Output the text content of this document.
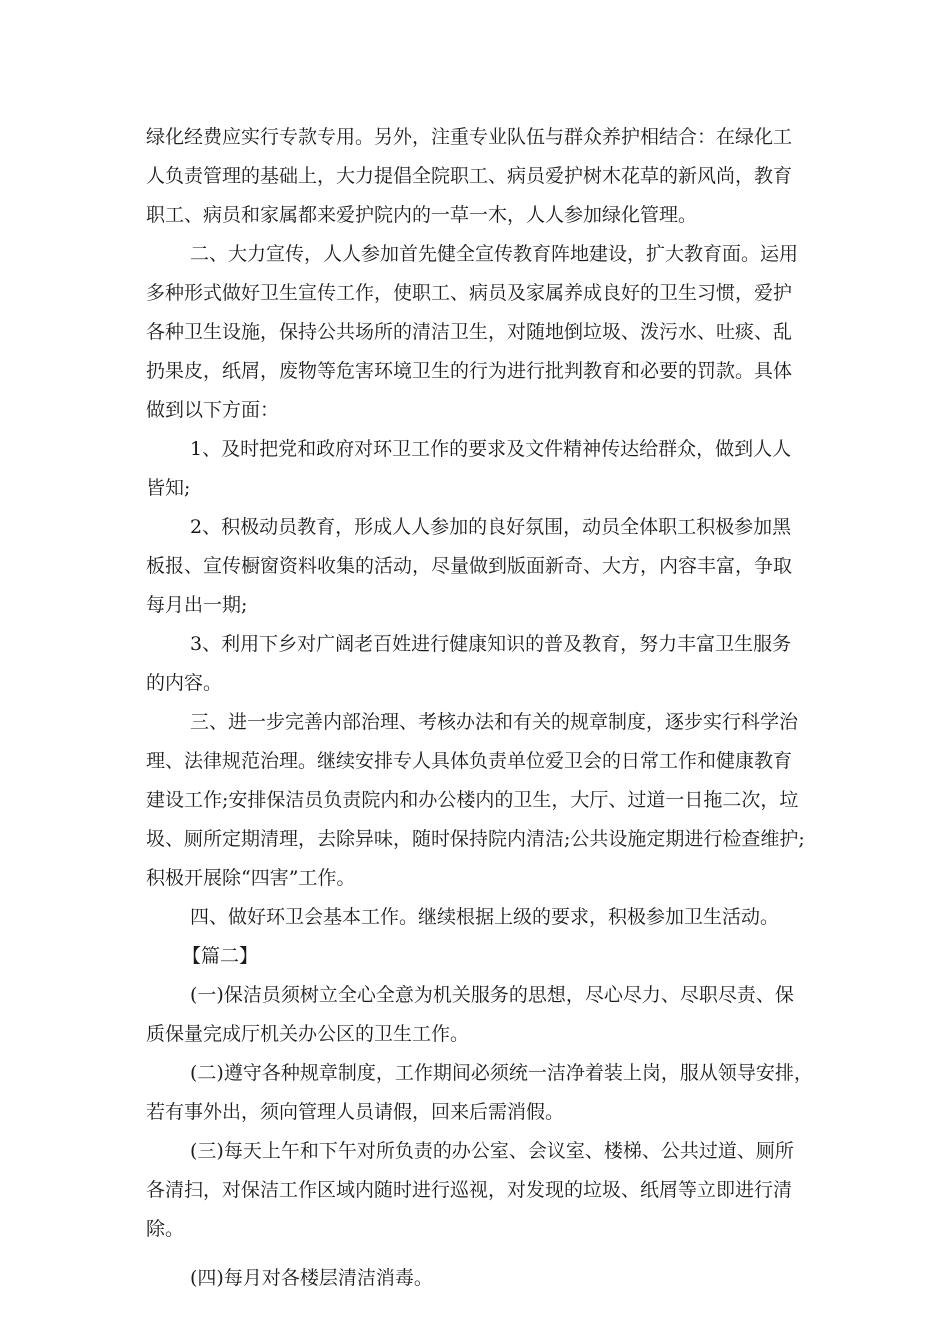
绿化经费应实行专款专用。另外，注重专业队伍与群众养护相结合：在绿化工

人负责管理的基础上，大力提倡全院职工、病员爱护树木花草的新风尚，教育

职工、病员和家属都来爱护院内的一草一木，人人参加绿化管理。

二、大力宣传，人人参加首先健全宣传教育阵地建设，扩大教育面。运用

多种形式做好卫生宣传工作，使职工、病员及家属养成良好的卫生习惯，爱护

各种卫生设施，保持公共场所的清洁卫生，对随地倒垃圾、泼污水、吐痰、乱

扔果皮，纸屑，废物等危害环境卫生的行为进行批判教育和必要的罚款。具体

做到以下方面：

1、及时把党和政府对环卫工作的要求及文件精神传达给群众，做到人人

皆知;

2、积极动员教育，形成人人参加的良好氛围，动员全体职工积极参加黑

板报、宣传橱窗资料收集的活动，尽量做到版面新奇、大方，内容丰富，争取

每月出一期;

3、利用下乡对广阔老百姓进行健康知识的普及教育，努力丰富卫生服务

的内容。

三、进一步完善内部治理、考核办法和有关的规章制度，逐步实行科学治

理、法律规范治理。继续安排专人具体负责单位爱卫会的日常工作和健康教育

建设工作;安排保洁员负责院内和办公楼内的卫生，大厅、过道一日拖二次，垃

圾、厕所定期清理，去除异味，随时保持院内清洁;公共设施定期进行检查维护;

积极开展除“四害”工作。

四、做好环卫会基本工作。继续根据上级的要求，积极参加卫生活动。

【篇二】

(一)保洁员须树立全心全意为机关服务的思想，尽心尽力、尽职尽责、保

质保量完成厅机关办公区的卫生工作。

(二)遵守各种规章制度，工作期间必须统一洁净着装上岗，服从领导安排，

若有事外出，须向管理人员请假，回来后需消假。

(三)每天上午和下午对所负责的办公室、会议室、楼梯、公共过道、厕所

各清扫，对保洁工作区域内随时进行巡视，对发现的垃圾、纸屑等立即进行清

除。

(四)每月对各楼层清洁消毒。
